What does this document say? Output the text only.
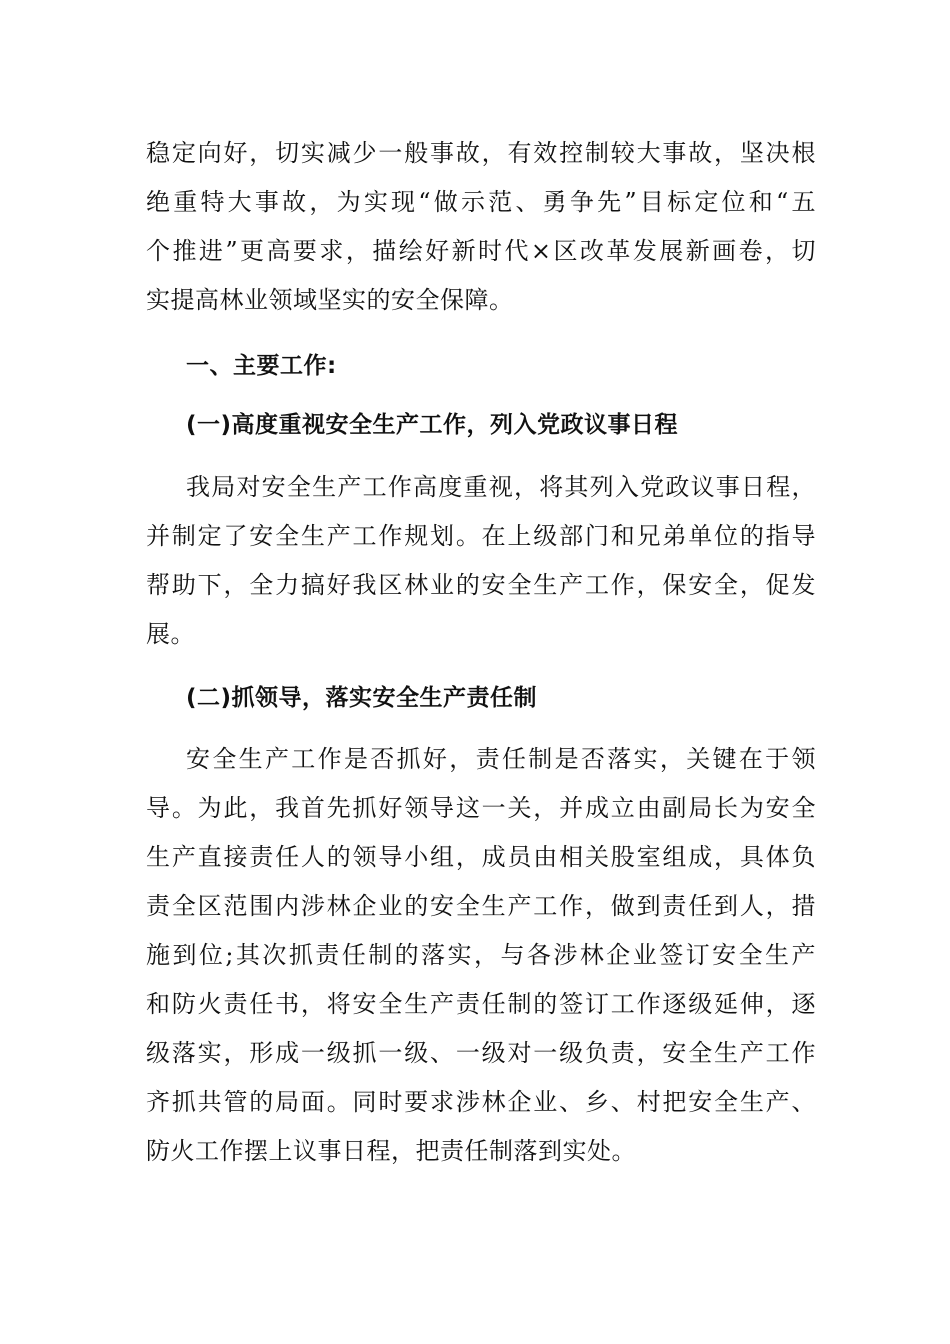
稳定向好，切实减少一般事故，有效控制较大事故，坚决根
绝重特大事故，为实现“做示范、勇争先”目标定位和“五
个推进”更高要求，描绘好新时代×区改革发展新画卷，切
实提高林业领域坚实的安全保障。
一、主要工作:
(一)高度重视安全生产工作，列入党政议事日程
我局对安全生产工作高度重视，将其列入党政议事日程，
并制定了安全生产工作规划。在上级部门和兄弟单位的指导
帮助下，全力搞好我区林业的安全生产工作，保安全，促发
展。
(二)抓领导，落实安全生产责任制
安全生产工作是否抓好，责任制是否落实，关键在于领
导。为此，我首先抓好领导这一关，并成立由副局长为安全
生产直接责任人的领导小组，成员由相关股室组成，具体负
责全区范围内涉林企业的安全生产工作，做到责任到人，措
施到位;其次抓责任制的落实，与各涉林企业签订安全生产
和防火责任书，将安全生产责任制的签订工作逐级延伸，逐
级落实，形成一级抓一级、一级对一级负责，安全生产工作
齐抓共管的局面。同时要求涉林企业、乡、村把安全生产、
防火工作摆上议事日程，把责任制落到实处。
